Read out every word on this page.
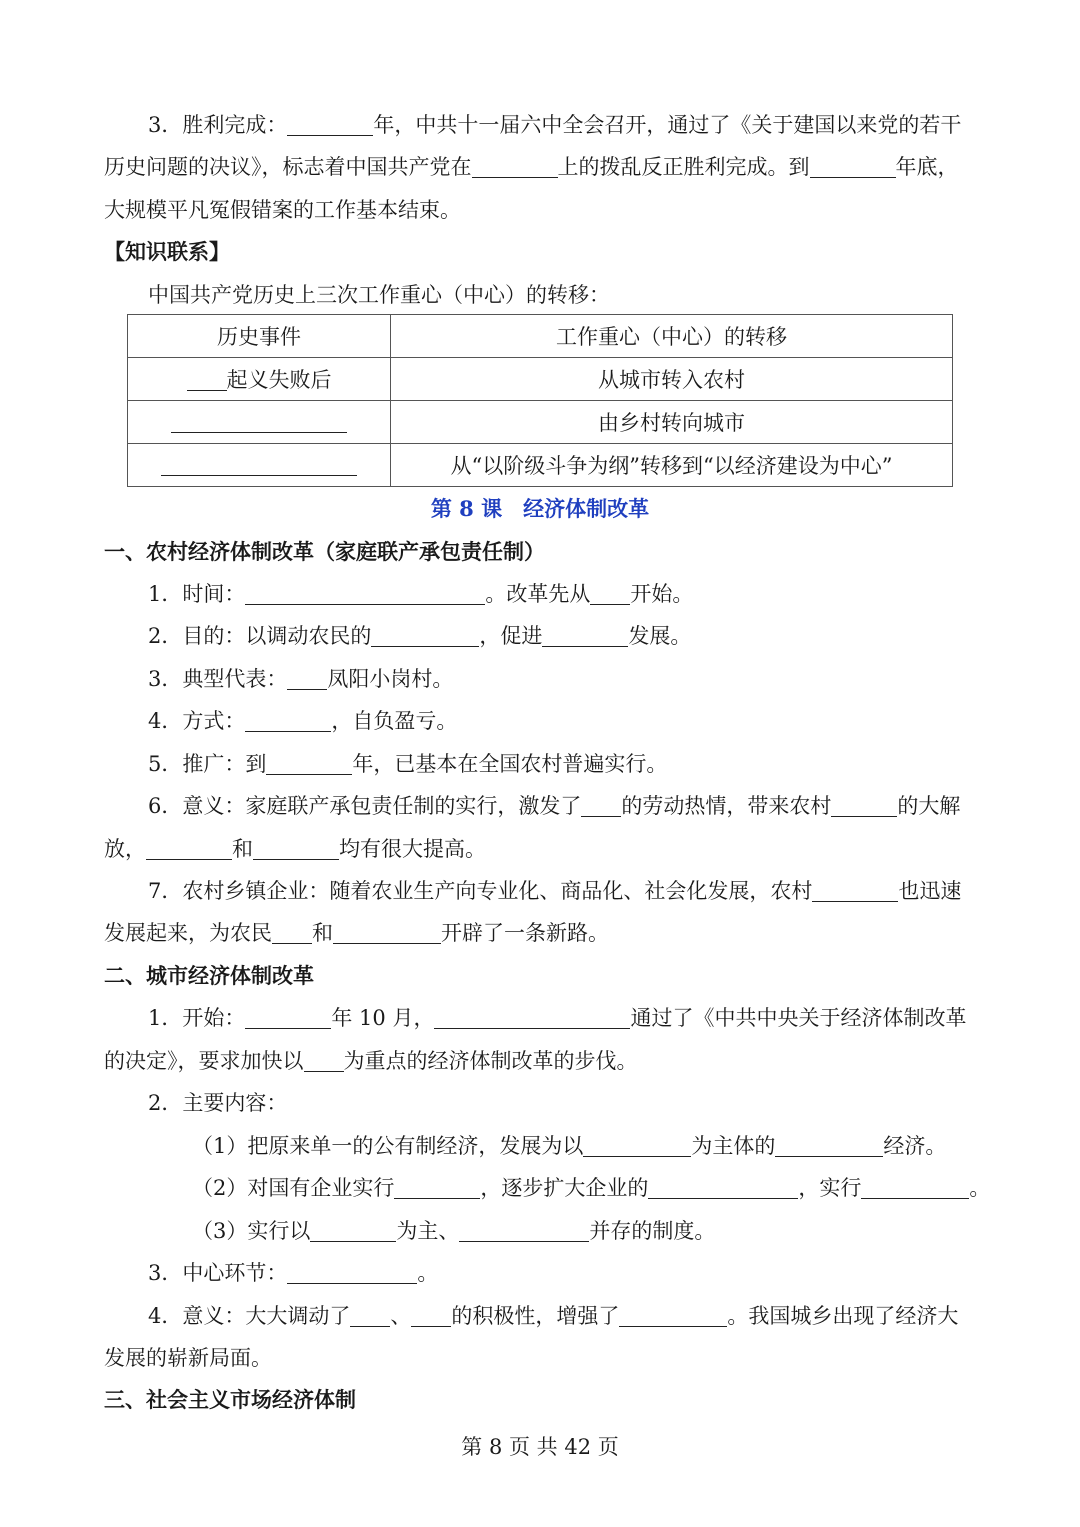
3．胜利完成：	年，中共十一届六中全会召开，通过了《关于建国以来党的若干
历史问题的决议》，标志着中国共产党在	上的拨乱反正胜利完成。到	年底，
大规模平凡冤假错案的工作基本结束。
【知识联系】
中国共产党历史上三次工作重心（中心）的转移：
历史事件	工作重心（中心）的转移
起义失败后	从城市转入农村
	由乡村转向城市
	从“以阶级斗争为纲”转移到“以经济建设为中心”
第 8 课　经济体制改革
一、农村经济体制改革（家庭联产承包责任制）
1．时间：	。改革先从 开始。
2．目的：以调动农民的	，促进	发展。
3．典型代表： 凤阳小岗村。
4．方式：	，自负盈亏。
5．推广：到	年，已基本在全国农村普遍实行。
6．意义：家庭联产承包责任制的实行，激发了 的劳动热情，带来农村	的大解
放，	和	均有很大提高。
7．农村乡镇企业：随着农业生产向专业化、商品化、社会化发展，农村	也迅速
发展起来，为农民 和	开辟了一条新路。
二、城市经济体制改革
1．开始：	年 10 月，	通过了《中共中央关于经济体制改革
的决定》，要求加快以 为重点的经济体制改革的步伐。
2．主要内容：
（1）把原来单一的公有制经济，发展为以	为主体的	经济。
（2）对国有企业实行	，逐步扩大企业的	，实行	。
（3）实行以	为主、	并存的制度。
3．中心环节：	。
4．意义：大大调动了 、 的积极性，增强了	。我国城乡出现了经济大
发展的崭新局面。
三、社会主义市场经济体制
第 8 页 共 42 页
